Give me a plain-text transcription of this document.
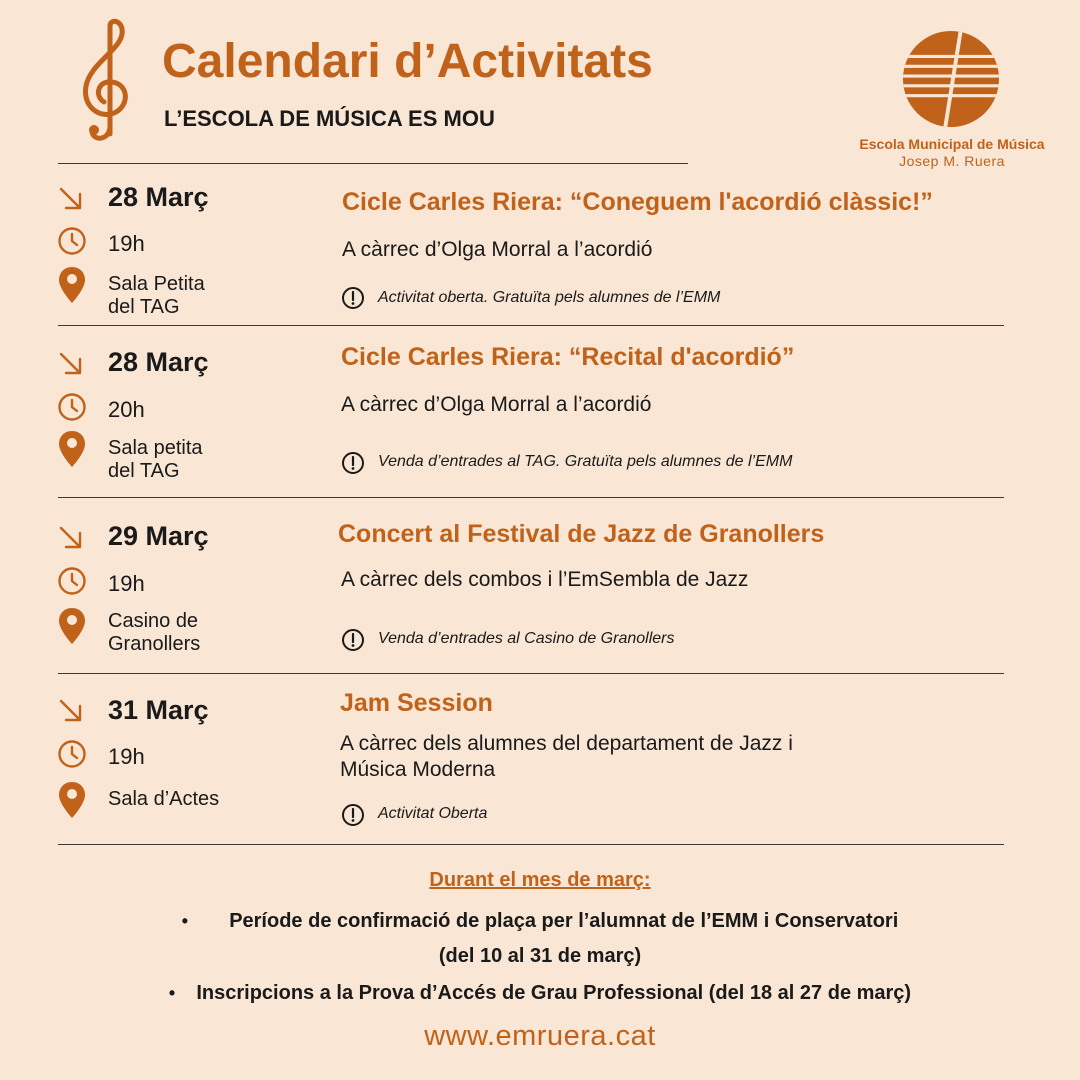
Calendari d’Activitats
L’ESCOLA DE MÚSICA ES MOU
Escola Municipal de Música
Josep M. Ruera
28 Març
19h
Sala Petita
del TAG
Cicle Carles Riera: “Coneguem l'acordió clàssic!”
A càrrec d’Olga Morral a l’acordió
Activitat oberta. Gratuïta pels alumnes de l’EMM
28 Març
20h
Sala petita
del TAG
Cicle Carles Riera: “Recital d'acordió”
A càrrec d’Olga Morral a l’acordió
Venda d’entrades al TAG. Gratuïta pels alumnes de l’EMM
29 Març
19h
Casino de
Granollers
Concert al Festival de Jazz de Granollers
A càrrec dels combos i l’EmSembla de Jazz
Venda d’entrades al Casino de Granollers
31 Març
19h
Sala d’Actes
Jam Session
A càrrec dels alumnes del departament de Jazz i
Música Moderna
Activitat Oberta
Durant el mes de març:
• Període de confirmació de plaça per l’alumnat de l’EMM i Conservatori
(del 10 al 31 de març)
• Inscripcions a la Prova d’Accés de Grau Professional (del 18 al 27 de març)
www.emruera.cat
